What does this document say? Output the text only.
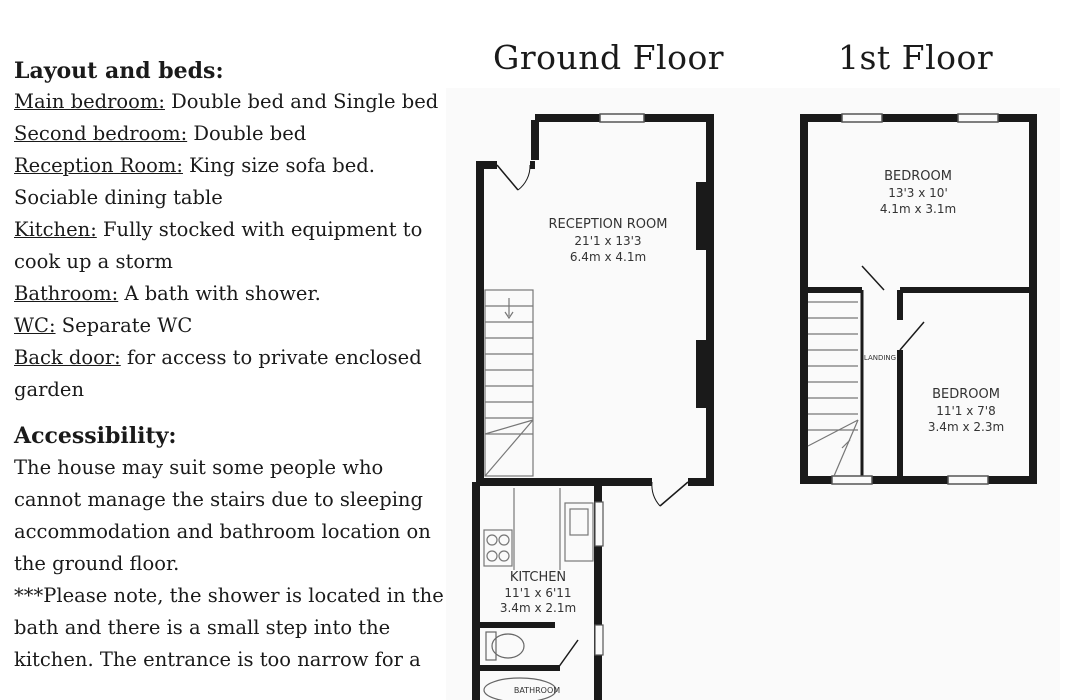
Layout and beds:

Main bedroom: Double bed and Single bed

Second bedroom: Double bed

Reception Room: King size sofa bed.

Sociable dining table

Kitchen: Fully stocked with equipment to

cook up a storm

Bathroom: A bath with shower.

WC: Separate WC

Back door: for access to private enclosed

garden

Accessibility:

The house may suit some people who

cannot manage the stairs due to sleeping

accommodation and bathroom location on

the ground floor.

***Please note, the shower is located in the

bath and there is a small step into the

kitchen. The entrance is too narrow for a

Ground Floor	1st Floor
RECEPTION ROOM
21'1 x 13'3
6.4m x 4.1m
KITCHEN
11'1 x 6'11
3.4m x 2.1m
BATHROOM
BEDROOM
13'3 x 10'
4.1m x 3.1m
BEDROOM
11'1 x 7'8
3.4m x 2.3m
LANDING
